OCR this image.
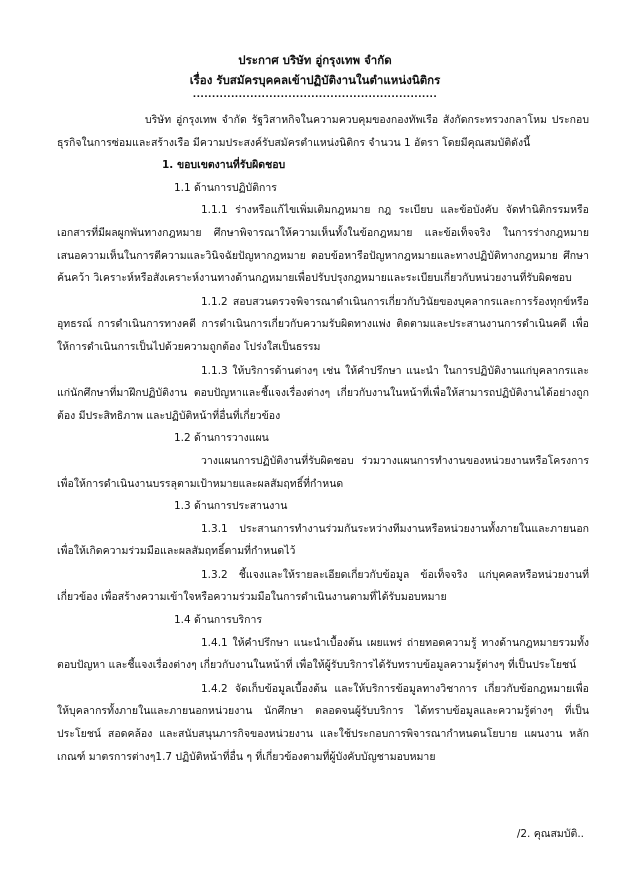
ประกาศ บริษัท อู่กรุงเทพ จำกัด
เรื่อง รับสมัครบุคคลเข้าปฏิบัติงานในตำแหน่งนิติกร
................................................................

บริษัท อู่กรุงเทพ จำกัด รัฐวิสาหกิจในความควบคุมของกองทัพเรือ สังกัดกระทรวงกลาโหม ประกอบธุรกิจในการซ่อมและสร้างเรือ มีความประสงค์รับสมัครตำแหน่งนิติกร จำนวน 1 อัตรา โดยมีคุณสมบัติดังนี้

1. ขอบเขตงานที่รับผิดชอบ

1.1 ด้านการปฏิบัติการ

1.1.1 ร่างหรือแก้ไขเพิ่มเติมกฎหมาย กฎ ระเบียบ และข้อบังคับ จัดทำนิติกรรมหรือเอกสารที่มีผลผูกพันทางกฎหมาย ศึกษาพิจารณาให้ความเห็นทั้งในข้อกฎหมาย และข้อเท็จจริง ในการร่างกฎหมาย เสนอความเห็นในการตีความและวินิจฉัยปัญหากฎหมาย ตอบข้อหารือปัญหากฎหมายและทางปฏิบัติทางกฎหมาย ศึกษา ค้นคว้า วิเคราะห์หรือสังเคราะห์งานทางด้านกฎหมายเพื่อปรับปรุงกฎหมายและระเบียบเกี่ยวกับหน่วยงานที่รับผิดชอบ

1.1.2 สอบสวนตรวจพิจารณาดำเนินการเกี่ยวกับวินัยของบุคลากรและการร้องทุกข์หรืออุทธรณ์ การดำเนินการทางคดี การดำเนินการเกี่ยวกับความรับผิดทางแพ่ง ติดตามและประสานงานการดำเนินคดี เพื่อให้การดำเนินการเป็นไปด้วยความถูกต้อง โปร่งใสเป็นธรรม

1.1.3 ให้บริการด้านต่างๆ เช่น ให้คำปรึกษา แนะนำ ในการปฏิบัติงานแก่บุคลากรและแก่นักศึกษาที่มาฝึกปฏิบัติงาน ตอบปัญหาและชี้แจงเรื่องต่างๆ เกี่ยวกับงานในหน้าที่เพื่อให้สามารถปฏิบัติงานได้อย่างถูกต้อง มีประสิทธิภาพ และปฏิบัติหน้าที่อื่นที่เกี่ยวข้อง

1.2 ด้านการวางแผน

วางแผนการปฏิบัติงานที่รับผิดชอบ ร่วมวางแผนการทำงานของหน่วยงานหรือโครงการเพื่อให้การดำเนินงานบรรลุตามเป้าหมายและผลสัมฤทธิ์ที่กำหนด

1.3 ด้านการประสานงาน

1.3.1 ประสานการทำงานร่วมกันระหว่างทีมงานหรือหน่วยงานทั้งภายในและภายนอก เพื่อให้เกิดความร่วมมือและผลสัมฤทธิ์ตามที่กำหนดไว้

1.3.2 ชี้แจงและให้รายละเอียดเกี่ยวกับข้อมูล ข้อเท็จจริง แก่บุคคลหรือหน่วยงานที่เกี่ยวข้อง เพื่อสร้างความเข้าใจหรือความร่วมมือในการดำเนินงานตามที่ได้รับมอบหมาย

1.4 ด้านการบริการ

1.4.1 ให้คำปรึกษา แนะนำเบื้องต้น เผยแพร่ ถ่ายทอดความรู้ ทางด้านกฎหมายรวมทั้งตอบปัญหา และชี้แจงเรื่องต่างๆ เกี่ยวกับงานในหน้าที่ เพื่อให้ผู้รับบริการได้รับทราบข้อมูลความรู้ต่างๆ ที่เป็นประโยชน์

1.4.2 จัดเก็บข้อมูลเบื้องต้น และให้บริการข้อมูลทางวิชาการ เกี่ยวกับข้อกฎหมายเพื่อให้บุคลากรทั้งภายในและภายนอกหน่วยงาน นักศึกษา ตลอดจนผู้รับบริการ ได้ทราบข้อมูลและความรู้ต่างๆ ที่เป็นประโยชน์ สอดคล้อง และสนับสนุนภารกิจของหน่วยงาน และใช้ประกอบการพิจารณากำหนดนโยบาย แผนงาน หลักเกณฑ์ มาตรการต่างๆ1.7 ปฏิบัติหน้าที่อื่น ๆ ที่เกี่ยวข้องตามที่ผู้บังคับบัญชามอบหมาย

/2. คุณสมบัติ..
